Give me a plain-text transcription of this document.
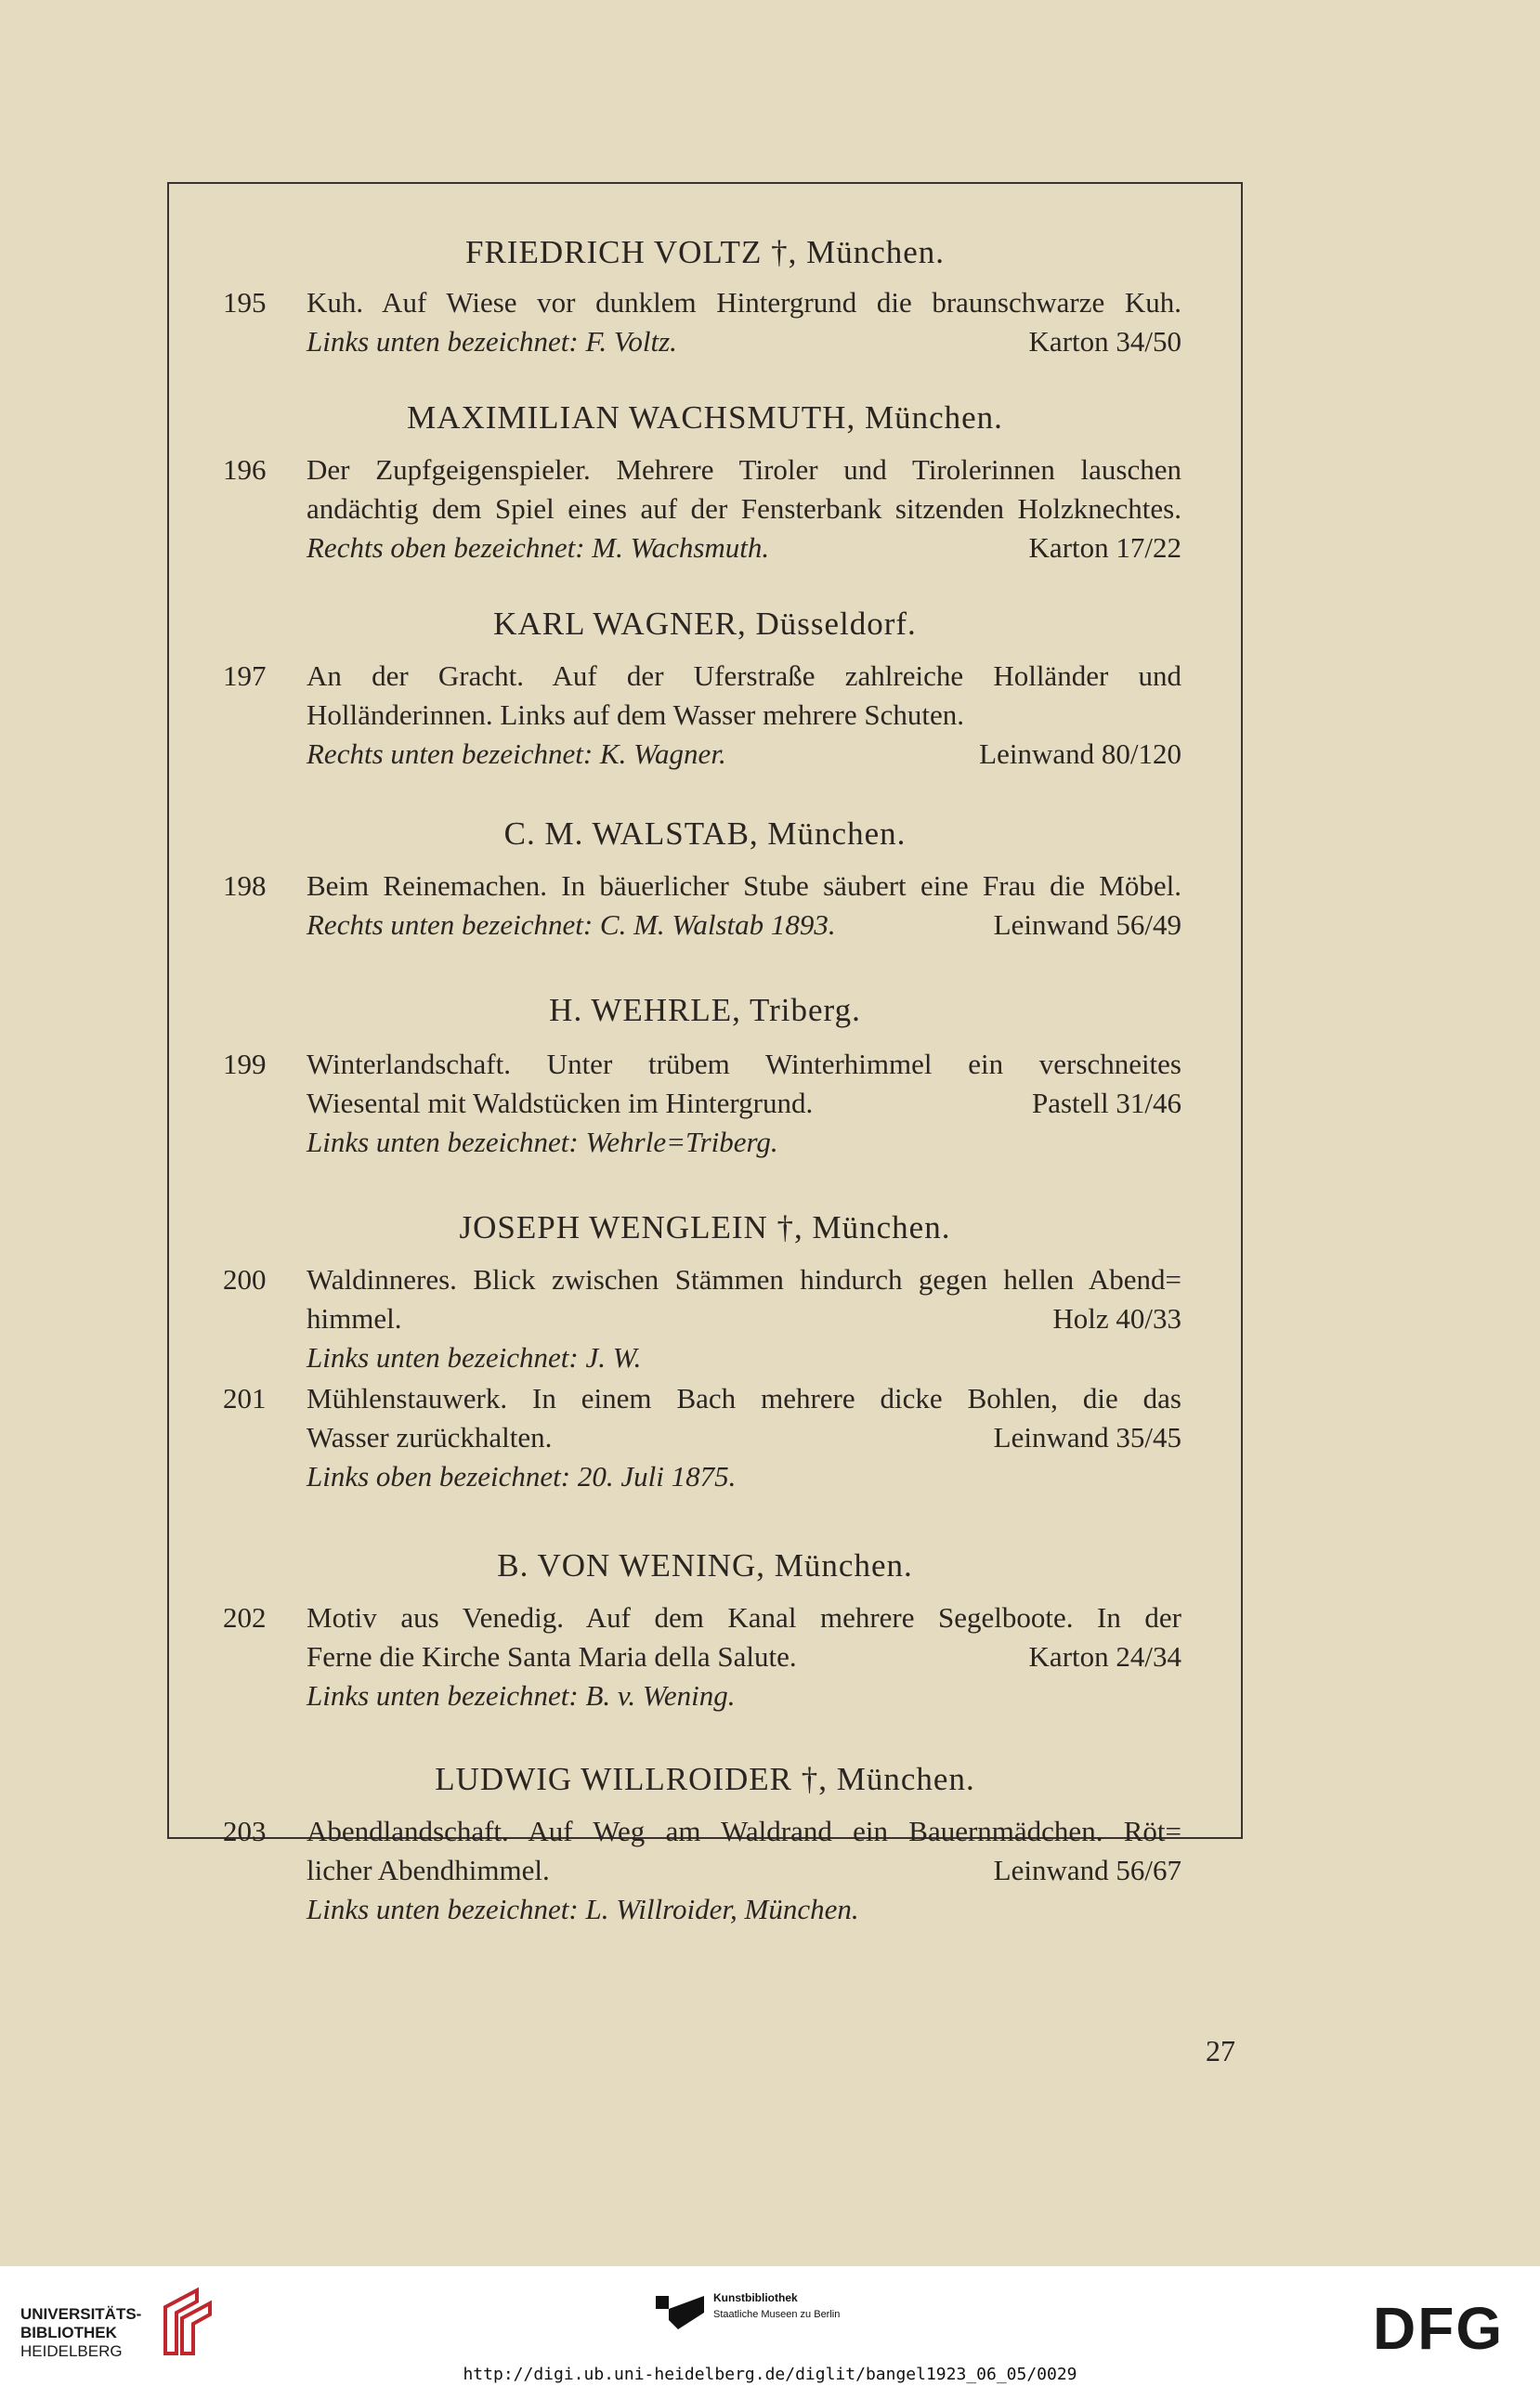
FRIEDRICH VOLTZ †, München.
195	Kuh. Auf Wiese vor dunklem Hintergrund die braunschwarze Kuh.
Links unten bezeichnet: F. Voltz.	Karton 34/50
MAXIMILIAN WACHSMUTH, München.
196	Der Zupfgeigenspieler. Mehrere Tiroler und Tirolerinnen lauschen
andächtig dem Spiel eines auf der Fensterbank sitzenden Holzknechtes.
Rechts oben bezeichnet: M. Wachsmuth.	Karton 17/22
KARL WAGNER, Düsseldorf.
197	An der Gracht. Auf der Uferstraße zahlreiche Holländer und
Holländerinnen. Links auf dem Wasser mehrere Schuten.
Rechts unten bezeichnet: K. Wagner.	Leinwand 80/120
C. M. WALSTAB, München.
198	Beim Reinemachen. In bäuerlicher Stube säubert eine Frau die Möbel.
Rechts unten bezeichnet: C. M. Walstab 1893.	Leinwand 56/49
H. WEHRLE, Triberg.
199	Winterlandschaft. Unter trübem Winterhimmel ein verschneites
Wiesental mit Waldstücken im Hintergrund.	Pastell 31/46
Links unten bezeichnet: Wehrle=Triberg.
JOSEPH WENGLEIN †, München.
200	Waldinneres. Blick zwischen Stämmen hindurch gegen hellen Abend=
himmel.	Holz 40/33
Links unten bezeichnet: J. W.
201	Mühlenstauwerk. In einem Bach mehrere dicke Bohlen, die das
Wasser zurückhalten.	Leinwand 35/45
Links oben bezeichnet: 20. Juli 1875.
B. VON WENING, München.
202	Motiv aus Venedig. Auf dem Kanal mehrere Segelboote. In der
Ferne die Kirche Santa Maria della Salute.	Karton 24/34
Links unten bezeichnet: B. v. Wening.
LUDWIG WILLROIDER †, München.
203	Abendlandschaft. Auf Weg am Waldrand ein Bauernmädchen. Röt=
licher Abendhimmel.	Leinwand 56/67
Links unten bezeichnet: L. Willroider, München.
27
UNIVERSITÄTS-
BIBLIOTHEK
HEIDELBERG
Kunstbibliothek
Staatliche Museen zu Berlin	DFG
http://digi.ub.uni-heidelberg.de/diglit/bangel1923_06_05/0029
